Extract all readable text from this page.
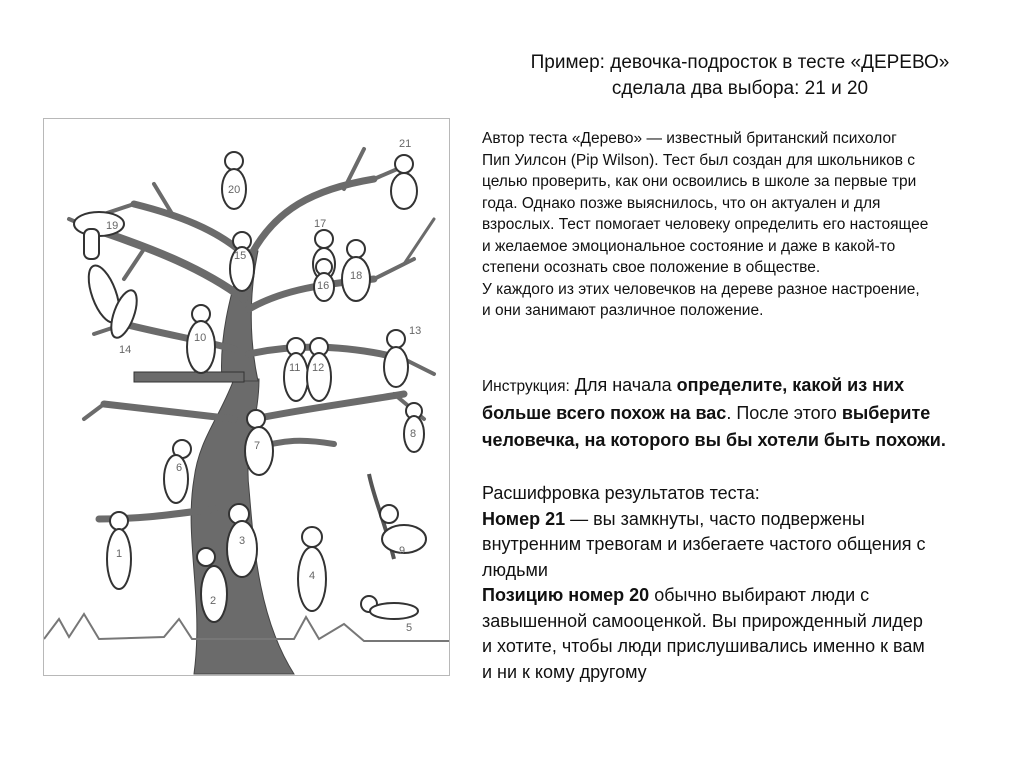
Пример: девочка-подросток в тесте «ДЕРЕВО»
сделала два выбора: 21 и 20
21
20
19	17
18
15
16
14
13
10
11 12
7
8
6
9
1
3
2
4
5
Автор теста «Дерево» — известный британский психолог
Пип Уилсон (Pip Wilson). Тест был создан для школьников с
целью проверить, как они освоились в школе за первые три
года. Однако позже выяснилось, что он актуален и для
взрослых. Тест помогает человеку определить его настоящее
и желаемое эмоциональное состояние и даже в какой-то
степени осознать свое положение в обществе.
У каждого из этих человечков на дереве разное настроение,
и они занимают различное положение.
Инструкция: Для начала определите, какой из них
больше всего похож на вас. После этого выберите
человечка, на которого вы бы хотели быть похожи.
Расшифровка результатов теста:
Номер 21 — вы замкнуты, часто подвержены
внутренним тревогам и избегаете частого общения с
людьми
Позицию номер 20 обычно выбирают люди с
завышенной самооценкой. Вы прирожденный лидер
и хотите, чтобы люди прислушивались именно к вам
и ни к кому другому
